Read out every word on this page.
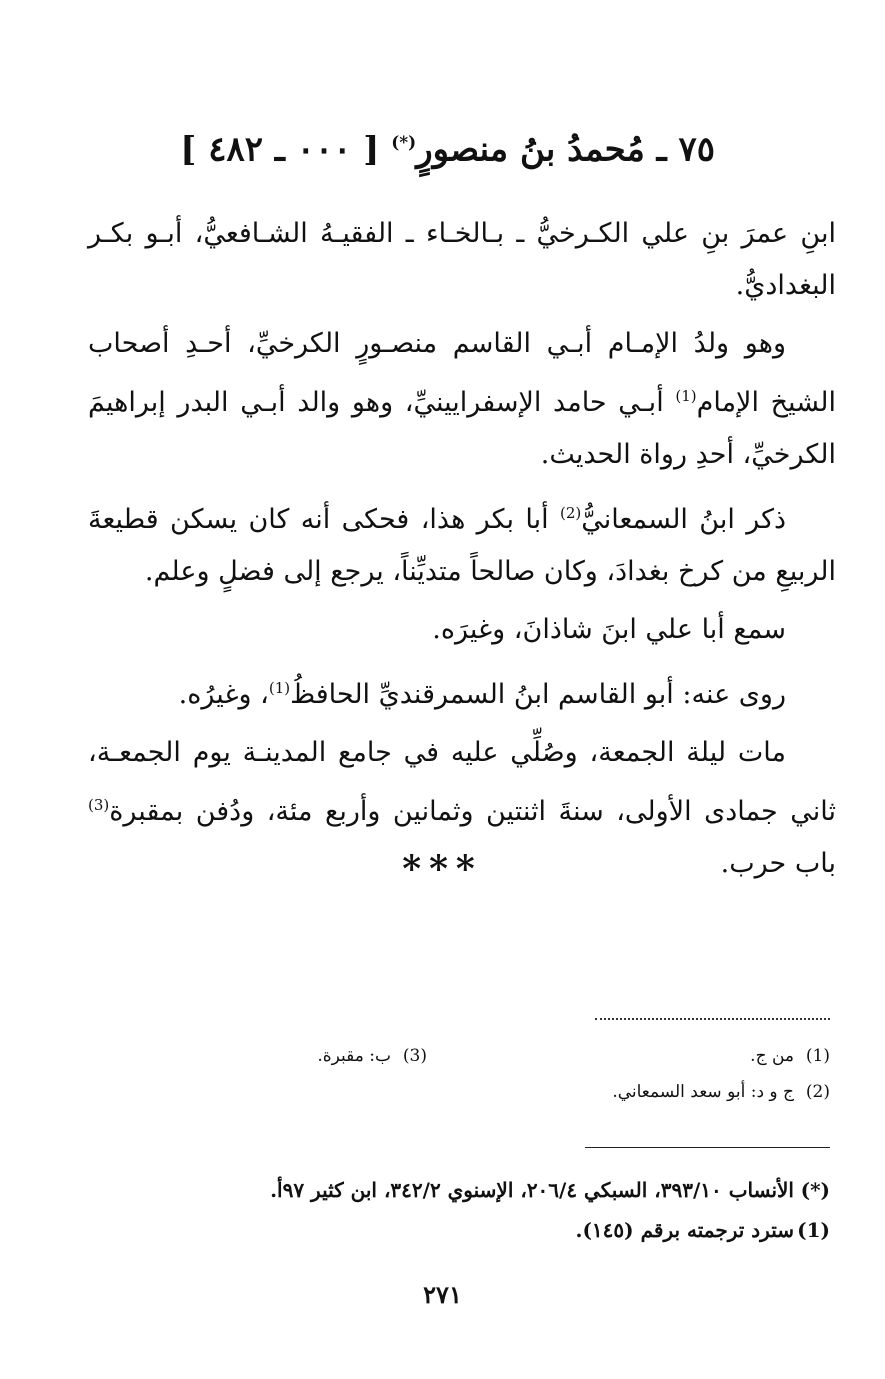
٧٥ ـ مُحمدُ بنُ منصورٍ(*) [ ٠٠٠ ـ ٤٨٢ ]

ابنِ عمرَ بنِ علي الكـرخيُّ ـ بـالخـاء ـ الفقيـهُ الشـافعيُّ، أبـو بكـر البغداديُّ.

وهو ولدُ الإمـام أبـي القاسم منصـورٍ الكرخيِّ، أحـدِ أصحاب الشيخ الإمام$^{(1)}$ أبـي حامد الإسفرايينيِّ، وهو والد أبـي البدر إبراهيمَ الكرخيِّ، أحدِ رواة الحديث.

ذكر ابنُ السمعانيُّ$^{(2)}$ أبا بكر هذا، فحكى أنه كان يسكن قطيعةَ الربيعِ من كرخ بغدادَ، وكان صالحاً متديِّناً، يرجع إلى فضلٍ وعلم.

سمع أبا علي ابنَ شاذانَ، وغيرَه.

روى عنه: أبو القاسم ابنُ السمرقنديِّ الحافظُ$^{(1)}$، وغيرُه.

مات ليلة الجمعة، وصُلِّي عليه في جامع المدينـة يوم الجمعـة، ثاني جمادى الأولى، سنةَ اثنتين وثمانين وأربع مئة، ودُفن بمقبرة$^{(3)}$ باب حرب.

***
(1)من ج.
(2)ج و د: أبو سعد السمعاني.
(3)ب: مقبرة.
(*)الأنساب ٣٩٣/١٠، السبكي ٢٠٦/٤، الإسنوي ٣٤٢/٢، ابن كثير ٩٧أ.
(1)سترد ترجمته برقم (١٤٥).
٢٧١
